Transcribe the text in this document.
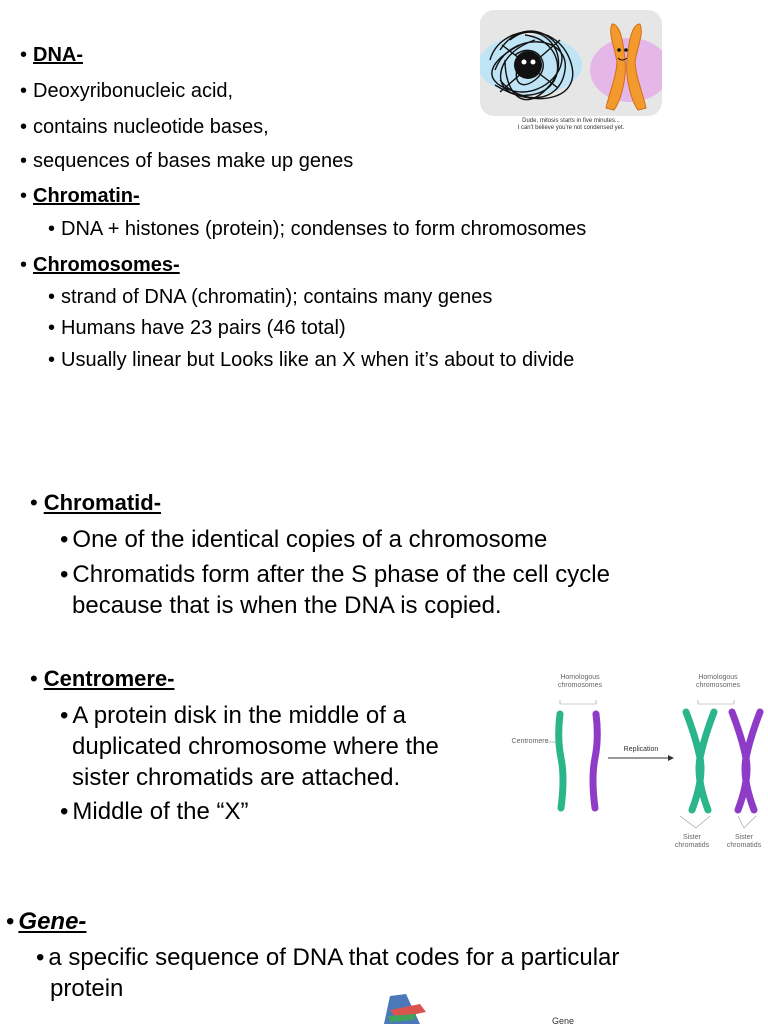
• DNA-
• Deoxyribonucleic acid,
• contains nucleotide bases,
• sequences of bases make up genes
• Chromatin-
• DNA + histones (protein); condenses to form chromosomes
• Chromosomes-
• strand of DNA (chromatin); contains many genes
• Humans have 23 pairs (46 total)
• Usually linear but Looks like an X when it’s about to divide
Dude, mitosis starts in five minutes...
I can't believe you're not condensed yet.
• Chromatid-
• One of the identical copies of a chromosome
• Chromatids form after the S phase of the cell cycle
because that is when the DNA is copied.
• Centromere-
• A protein disk in the middle of a
duplicated chromosome where the
sister chromatids are attached.
• Middle of the “X”
Homologous
chromosomes
Homologous
chromosomes
Centromere
Replication
Sister
chromatids
Sister
chromatids
• Gene-
• a specific sequence of DNA that codes for a particular
protein
Gene
